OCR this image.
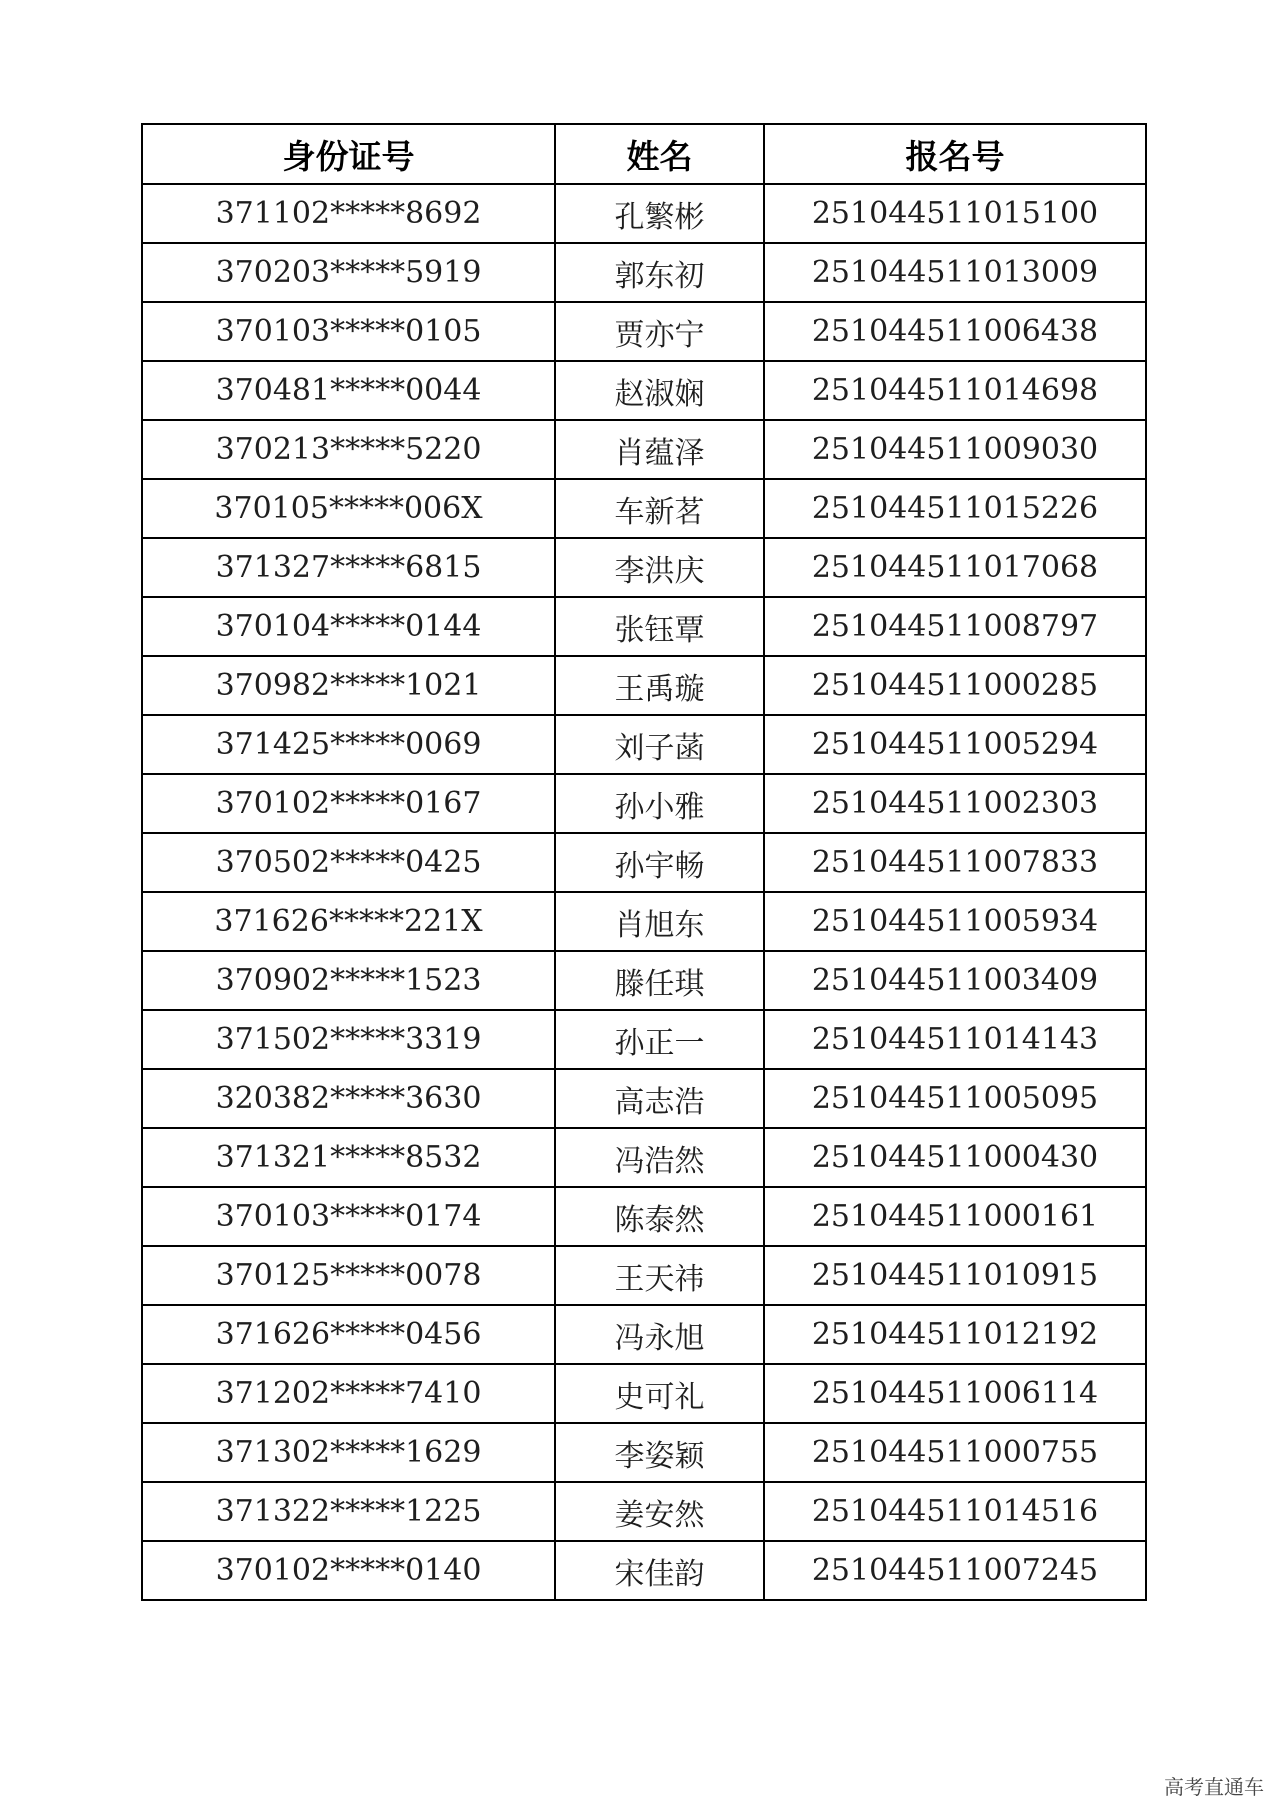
身份证号	姓名	报名号
371102*****8692	孔繁彬	251044511015100
370203*****5919	郭东初	251044511013009
370103*****0105	贾亦宁	251044511006438
370481*****0044	赵淑娴	251044511014698
370213*****5220	肖蕴泽	251044511009030
370105*****006X	车新茗	251044511015226
371327*****6815	李洪庆	251044511017068
370104*****0144	张钰覃	251044511008797
370982*****1021	王禹璇	251044511000285
371425*****0069	刘子菡	251044511005294
370102*****0167	孙小雅	251044511002303
370502*****0425	孙宇畅	251044511007833
371626*****221X	肖旭东	251044511005934
370902*****1523	滕任琪	251044511003409
371502*****3319	孙正一	251044511014143
320382*****3630	高志浩	251044511005095
371321*****8532	冯浩然	251044511000430
370103*****0174	陈泰然	251044511000161
370125*****0078	王天祎	251044511010915
371626*****0456	冯永旭	251044511012192
371202*****7410	史可礼	251044511006114
371302*****1629	李姿颖	251044511000755
371322*****1225	姜安然	251044511014516
370102*****0140	宋佳韵	251044511007245
高考直通车
